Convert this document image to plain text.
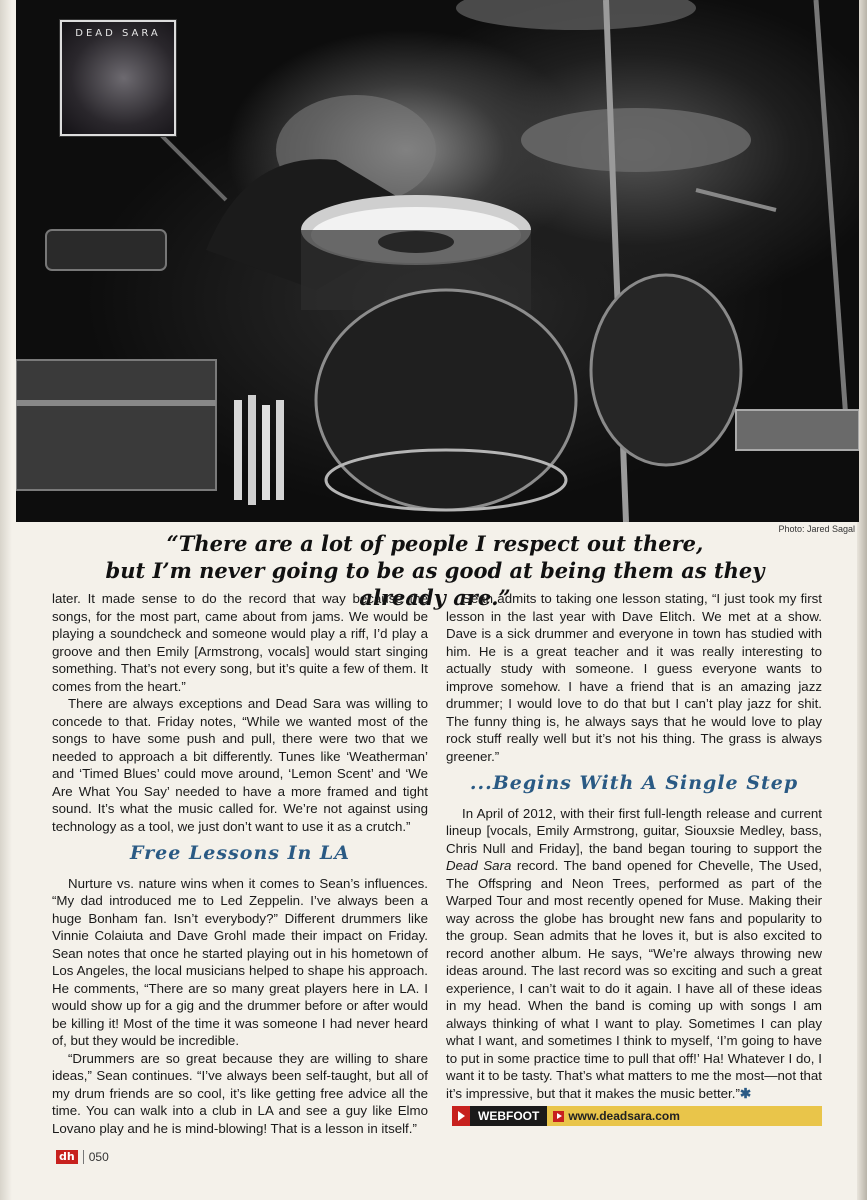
DEAD SARA
Photo: Jared Sagal
“There are a lot of people I respect out there,
but I’m never going to be as good at being them as they already are.”

later. It made sense to do the record that way because the songs, for the most part, came about from jams. We would be playing a soundcheck and someone would play a riff, I’d play a groove and then Emily [Armstrong, vocals] would start singing something. That’s not every song, but it’s quite a few of them. It comes from the heart.”

There are always exceptions and Dead Sara was willing to concede to that. Friday notes, “While we wanted most of the songs to have some push and pull, there were two that we needed to approach a bit differently. Tunes like ‘Weatherman’ and ‘Timed Blues’ could move around, ‘Lemon Scent’ and ‘We Are What You Say’ needed to have a more framed and tight sound. It’s what the music called for. We’re not against using technology as a tool, we just don’t want to use it as a crutch.”

Free Lessons In LA

Nurture vs. nature wins when it comes to Sean’s influences. “My dad introduced me to Led Zeppelin. I’ve always been a huge Bonham fan. Isn’t everybody?” Different drummers like Vinnie Colaiuta and Dave Grohl made their impact on Friday. Sean notes that once he started playing out in his hometown of Los Angeles, the local musicians helped to shape his approach. He comments, “There are so many great players here in LA. I would show up for a gig and the drummer before or after would be killing it! Most of the time it was someone I had never heard of, but they would be incredible.

“Drummers are so great because they are willing to share ideas,” Sean continues. “I’ve always been self-taught, but all of my drum friends are so cool, it’s like getting free advice all the time. You can walk into a club in LA and see a guy like Elmo Lovano play and he is mind-blowing! That is a lesson in itself.”

Sean admits to taking one lesson stating, “I just took my first lesson in the last year with Dave Elitch. We met at a show. Dave is a sick drummer and everyone in town has studied with him. He is a great teacher and it was really interesting to actually study with someone. I guess everyone wants to improve somehow. I have a friend that is an amazing jazz drummer; I would love to do that but I can’t play jazz for shit. The funny thing is, he always says that he would love to play rock stuff really well but it’s not his thing. The grass is always greener.”

...Begins With A Single Step

In April of 2012, with their first full-length release and current lineup [vocals, Emily Armstrong, guitar, Siouxsie Medley, bass, Chris Null and Friday], the band began touring to support the Dead Sara record. The band opened for Chevelle, The Used, The Offspring and Neon Trees, performed as part of the Warped Tour and most recently opened for Muse. Making their way across the globe has brought new fans and popularity to the group. Sean admits that he loves it, but is also excited to record another album. He says, “We’re always throwing new ideas around. The last record was so exciting and such a great experience, I can’t wait to do it again. I have all of these ideas in my head. When the band is coming up with songs I am always thinking of what I want to play. Sometimes I can play what I want, and sometimes I think to myself, ‘I’m going to have to put in some practice time to pull that off!’ Ha! Whatever I do, I want it to be tasty. That’s what matters to me the most—not that it’s impressive, but that it makes the music better.”✱

WEBFOOT	www.deadsara.com
dh 050
